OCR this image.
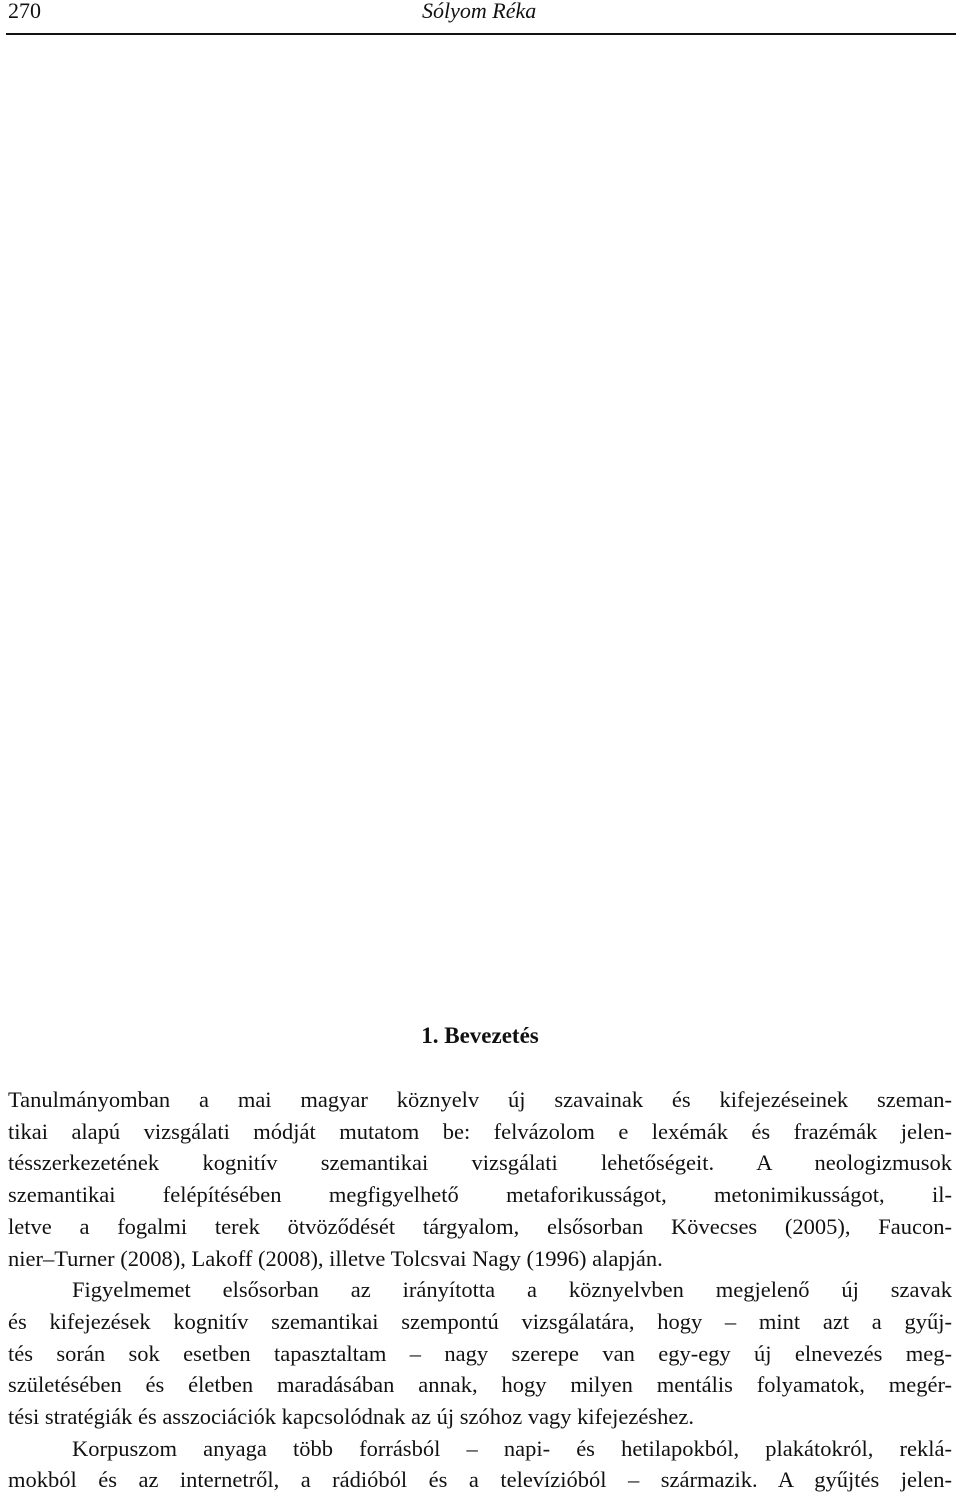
270	Sólyom Réka
1. Bevezetés
Tanulmányomban a mai magyar köznyelv új szavainak és kifejezéseinek szeman-
tikai alapú vizsgálati módját mutatom be: felvázolom e lexémák és frazémák jelen-
tésszerkezetének kognitív szemantikai vizsgálati lehetőségeit. A neologizmusok
szemantikai felépítésében megfigyelhető metaforikusságot, metonimikusságot, il-
letve a fogalmi terek ötvöződését tárgyalom, elsősorban Kövecses (2005), Faucon-
nier–Turner (2008), Lakoff (2008), illetve Tolcsvai Nagy (1996) alapján.
Figyelmemet elsősorban az irányította a köznyelvben megjelenő új szavak
és kifejezések kognitív szemantikai szempontú vizsgálatára, hogy – mint azt a gyűj-
tés során sok esetben tapasztaltam – nagy szerepe van egy-egy új elnevezés meg-
születésében és életben maradásában annak, hogy milyen mentális folyamatok, megér-
tési stratégiák és asszociációk kapcsolódnak az új szóhoz vagy kifejezéshez.
Korpuszom anyaga több forrásból – napi- és hetilapokból, plakátokról, reklá-
mokból és az internetről, a rádióból és a televízióból – származik. A gyűjtés jelen-
